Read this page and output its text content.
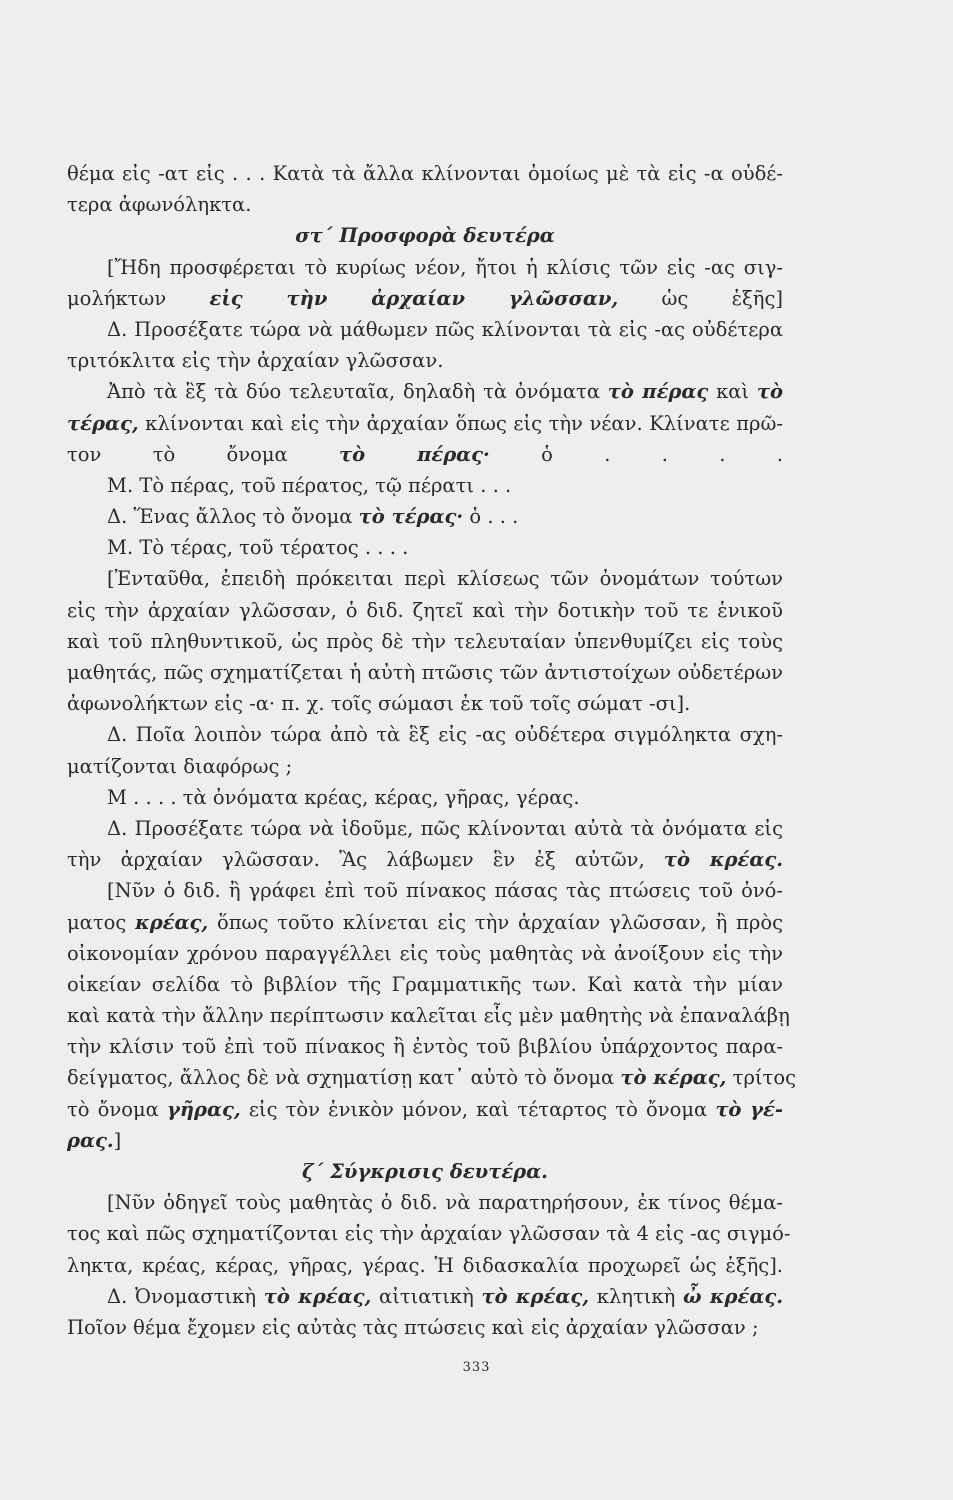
θέμα εἰς -ατ εἰς . . . Κατὰ τὰ ἄλλα κλίνονται ὁμοίως μὲ τὰ εἰς -α οὐδέ-
τερα ἀφωνόληκτα.
στ΄ Προσφορὰ δευτέρα
[Ἤδη προσφέρεται τὸ κυρίως νέον, ἤτοι ἡ κλίσις τῶν εἰς -ας σιγ-
μολήκτων εἰς τὴν ἀρχαίαν γλῶσσαν, ὡς ἑξῆς]
Δ. Προσέξατε τώρα νὰ μάθωμεν πῶς κλίνονται τὰ εἰς -ας οὐδέτερα
τριτόκλιτα εἰς τὴν ἀρχαίαν γλῶσσαν.
Ἀπὸ τὰ ἓξ τὰ δύο τελευταῖα, δηλαδὴ τὰ ὀνόματα τὸ πέρας καὶ τὸ
τέρας, κλίνονται καὶ εἰς τὴν ἀρχαίαν ὅπως εἰς τὴν νέαν. Κλίνατε πρῶ-
τον τὸ ὄνομα τὸ πέρας· ὁ . . . .
Μ. Τὸ πέρας, τοῦ πέρατος, τῷ πέρατι . . .
Δ. Ἕνας ἄλλος τὸ ὄνομα τὸ τέρας· ὁ . . .
Μ. Τὸ τέρας, τοῦ τέρατος . . . .
[Ἐνταῦθα, ἐπειδὴ πρόκειται περὶ κλίσεως τῶν ὀνομάτων τούτων
εἰς τὴν ἀρχαίαν γλῶσσαν, ὁ διδ. ζητεῖ καὶ τὴν δοτικὴν τοῦ τε ἑνικοῦ
καὶ τοῦ πληθυντικοῦ, ὡς πρὸς δὲ τὴν τελευταίαν ὑπενθυμίζει εἰς τοὺς
μαθητάς, πῶς σχηματίζεται ἡ αὐτὴ πτῶσις τῶν ἀντιστοίχων οὐδετέρων
ἀφωνολήκτων εἰς -α· π. χ. τοῖς σώμασι ἐκ τοῦ τοῖς σώματ -σι].
Δ. Ποῖα λοιπὸν τώρα ἀπὸ τὰ ἓξ εἰς -ας οὐδέτερα σιγμόληκτα σχη-
ματίζονται διαφόρως ;
Μ . . . . τὰ ὀνόματα κρέας, κέρας, γῆρας, γέρας.
Δ. Προσέξατε τώρα νὰ ἰδοῦμε, πῶς κλίνονται αὐτὰ τὰ ὀνόματα εἰς
τὴν ἀρχαίαν γλῶσσαν. Ἂς λάβωμεν ἓν ἐξ αὐτῶν, τὸ κρέας.
[Νῦν ὁ διδ. ἢ γράφει ἐπὶ τοῦ πίνακος πάσας τὰς πτώσεις τοῦ ὀνό-
ματος κρέας, ὅπως τοῦτο κλίνεται εἰς τὴν ἀρχαίαν γλῶσσαν, ἢ πρὸς
οἰκονομίαν χρόνου παραγγέλλει εἰς τοὺς μαθητὰς νὰ ἀνοίξουν εἰς τὴν
οἰκείαν σελίδα τὸ βιβλίον τῆς Γραμματικῆς των. Καὶ κατὰ τὴν μίαν
καὶ κατὰ τὴν ἄλλην περίπτωσιν καλεῖται εἷς μὲν μαθητὴς νὰ ἐπαναλάβῃ
τὴν κλίσιν τοῦ ἐπὶ τοῦ πίνακος ἢ ἐντὸς τοῦ βιβλίου ὑπάρχοντος παρα-
δείγματος, ἄλλος δὲ νὰ σχηματίσῃ κατ᾽ αὐτὸ τὸ ὄνομα τὸ κέρας, τρίτος
τὸ ὄνομα γῆρας, εἰς τὸν ἑνικὸν μόνον, καὶ τέταρτος τὸ ὄνομα τὸ γέ-
ρας.]
ζ΄ Σύγκρισις δευτέρα.
[Νῦν ὁδηγεῖ τοὺς μαθητὰς ὁ διδ. νὰ παρατηρήσουν, ἐκ τίνος θέμα-
τος καὶ πῶς σχηματίζονται εἰς τὴν ἀρχαίαν γλῶσσαν τὰ 4 εἰς -ας σιγμό-
ληκτα, κρέας, κέρας, γῆρας, γέρας. Ἡ διδασκαλία προχωρεῖ ὡς ἑξῆς].
Δ. Ὀνομαστικὴ τὸ κρέας, αἰτιατικὴ τὸ κρέας, κλητικὴ ὦ κρέας.
Ποῖον θέμα ἔχομεν εἰς αὐτὰς τὰς πτώσεις καὶ εἰς ἀρχαίαν γλῶσσαν ;
333
